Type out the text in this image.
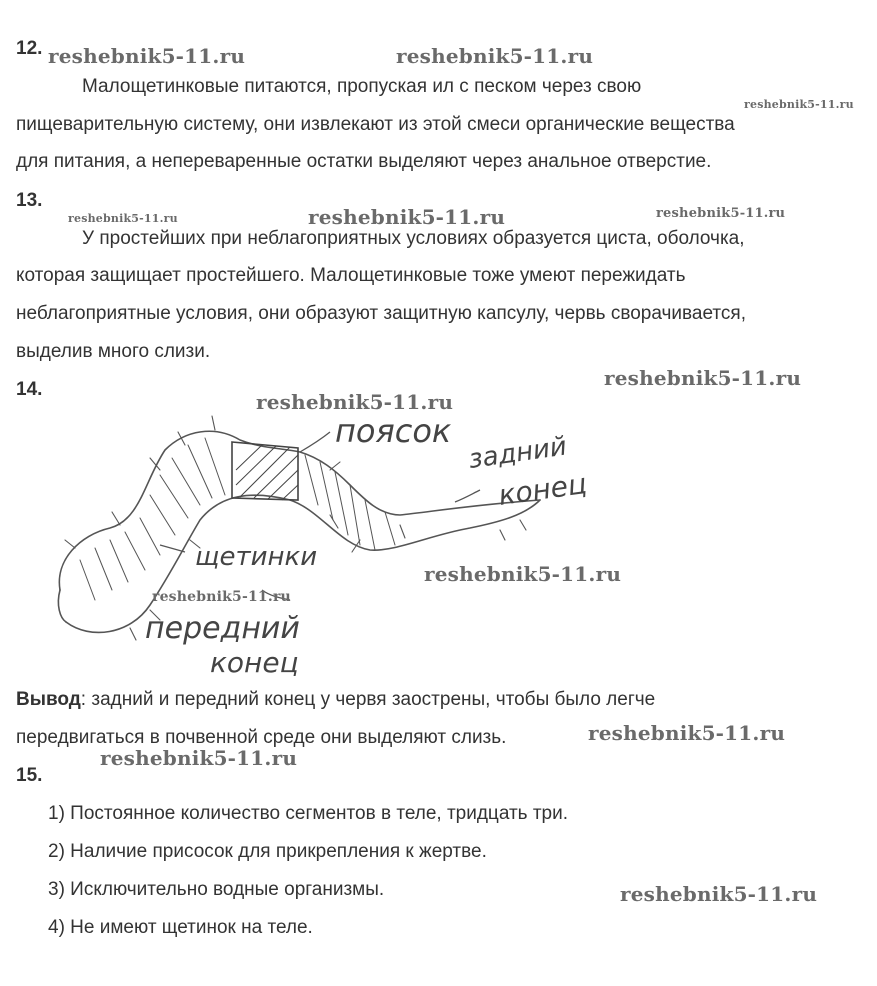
12.
Малощетинковые питаются, пропуская ил с песком через свою
пищеварительную систему, они извлекают из этой смеси органические вещества
для питания, а непереваренные остатки выделяют через анальное отверстие.
13.
У простейших при неблагоприятных условиях образуется циста, оболочка,
которая защищает простейшего. Малощетинковые тоже умеют пережидать
неблагоприятные условия, они образуют защитную капсулу, червь сворачивается,
выделив много слизи.
14.
поясок
задний
конец
щетинки
передний
конец
Вывод: задний и передний конец у червя заострены, чтобы было легче
передвигаться в почвенной среде они выделяют слизь.
15.
1) Постоянное количество сегментов в теле, тридцать три.
2) Наличие присосок для прикрепления к жертве.
3) Исключительно водные организмы.
4) Не имеют щетинок на теле.
reshebnik5-11.ru	reshebnik5-11.ru
reshebnik5-11.ru
reshebnik5-11.ru	reshebnik5-11.ru	reshebnik5-11.ru
reshebnik5-11.ru
reshebnik5-11.ru
reshebnik5-11.ru
reshebnik5-11.ru
reshebnik5-11.ru
reshebnik5-11.ru
reshebnik5-11.ru
